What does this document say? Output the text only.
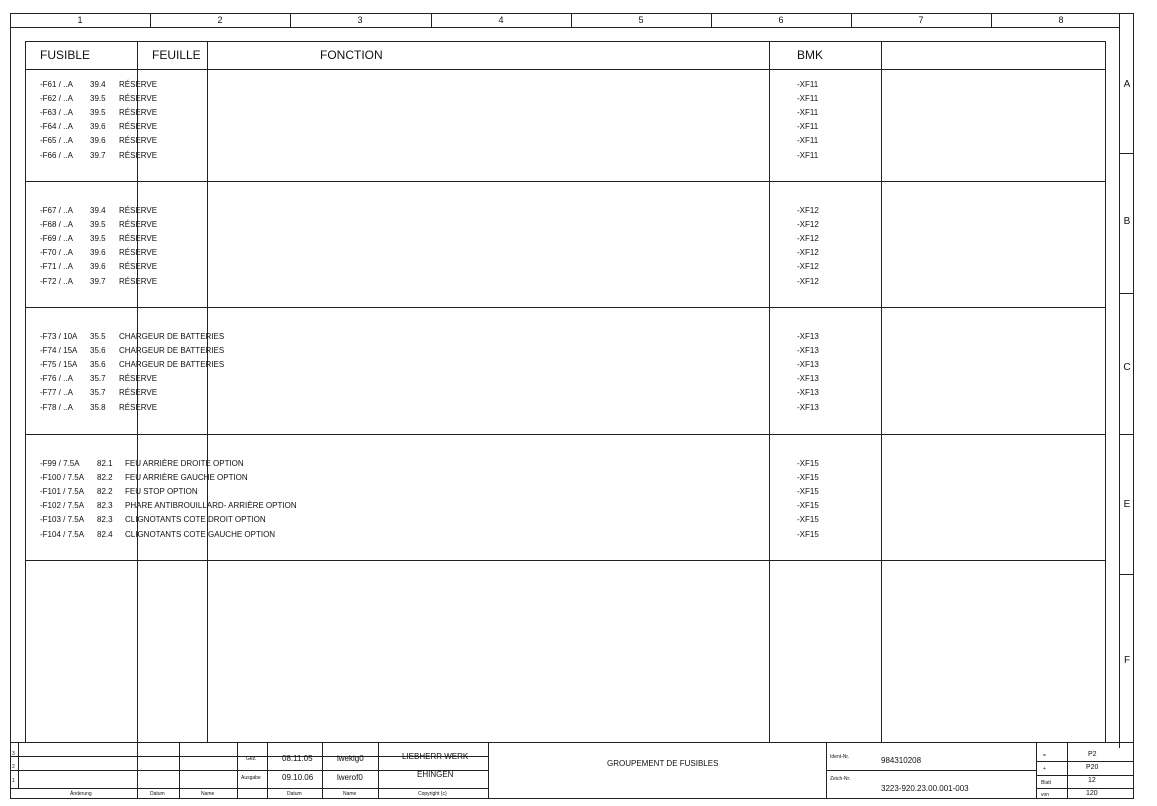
1	2	3	4	5	6	7	8
A
B
C
E
F
FUSIBLE	FEUILLE	FONCTION	BMK
-F61 / ..A 39.4 RÉSERVE	-XF11
-F62 / ..A 39.5 RÉSERVE	-XF11
-F63 / ..A 39.5 RÉSERVE	-XF11
-F64 / ..A 39.6 RÉSERVE	-XF11
-F65 / ..A 39.6 RÉSERVE	-XF11
-F66 / ..A 39.7 RÉSERVE	-XF11
-F67 / ..A 39.4 RÉSERVE	-XF12
-F68 / ..A 39.5 RÉSERVE	-XF12
-F69 / ..A 39.5 RÉSERVE	-XF12
-F70 / ..A 39.6 RÉSERVE	-XF12
-F71 / ..A 39.6 RÉSERVE	-XF12
-F72 / ..A 39.7 RÉSERVE	-XF12
-F73 / 10A 35.5 CHARGEUR DE BATTERIES	-XF13
-F74 / 15A 35.6 CHARGEUR DE BATTERIES	-XF13
-F75 / 15A 35.6 CHARGEUR DE BATTERIES	-XF13
-F76 / ..A 35.7 RÉSERVE	-XF13
-F77 / ..A 35.7 RÉSERVE	-XF13
-F78 / ..A 35.8 RÉSERVE	-XF13
-F99 / 7.5A 82.1 FEU ARRIÈRE DROITE OPTION	-XF15
-F100 / 7.5A 82.2 FEU ARRIÈRE GAUCHE OPTION	-XF15
-F101 / 7.5A 82.2 FEU STOP OPTION	-XF15
-F102 / 7.5A 82.3 PHARE ANTIBROUILLARD- ARRIÈRE OPTION	-XF15
-F103 / 7.5A 82.3 CLIGNOTANTS COTE DROIT OPTION	-XF15
-F104 / 7.5A 82.4 CLIGNOTANTS COTE GAUCHE OPTION	-XF15
3
2
1
Änderung	Datum	Name
Gez.
Ausgabe
Datum	Name	Copyright (c)
08.11.05	lwekig0
09.10.06	lwerof0
LIEBHERR WERK
EHINGEN
GROUPEMENT DE FUSIBLES
Ident-Nr.	984310208
Zeich-Nr.
3223-920.23.00.001-003
=	P2
+	P20
Blatt	12
von	120
